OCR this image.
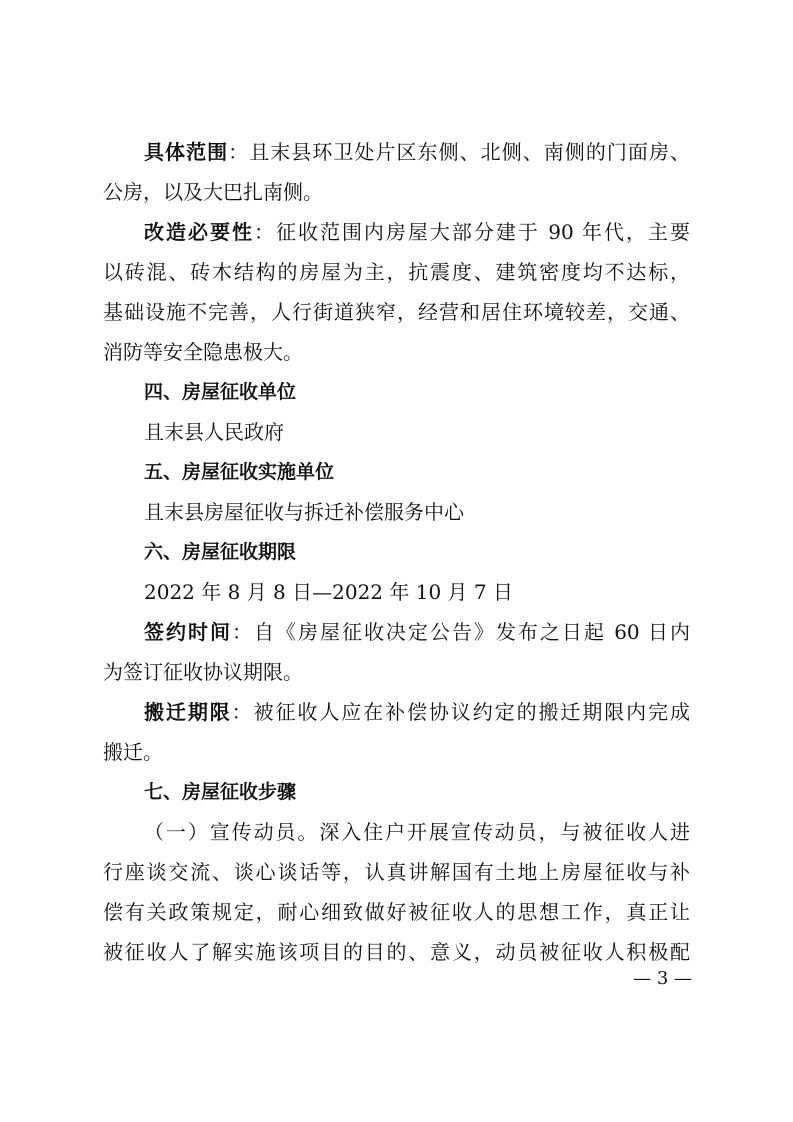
具体范围：且末县环卫处片区东侧、北侧、南侧的门面房、
公房，以及大巴扎南侧。
改造必要性：征收范围内房屋大部分建于 90 年代，主要
以砖混、砖木结构的房屋为主，抗震度、建筑密度均不达标，
基础设施不完善，人行街道狭窄，经营和居住环境较差，交通、
消防等安全隐患极大。
四、房屋征收单位
且末县人民政府
五、房屋征收实施单位
且末县房屋征收与拆迁补偿服务中心
六、房屋征收期限
2022 年 8 月 8 日—2022 年 10 月 7 日
签约时间：自《房屋征收决定公告》发布之日起 60 日内
为签订征收协议期限。
搬迁期限：被征收人应在补偿协议约定的搬迁期限内完成
搬迁。
七、房屋征收步骤
（一）宣传动员。深入住户开展宣传动员，与被征收人进
行座谈交流、谈心谈话等，认真讲解国有土地上房屋征收与补
偿有关政策规定，耐心细致做好被征收人的思想工作，真正让
被征收人了解实施该项目的目的、意义，动员被征收人积极配
— 3 —
